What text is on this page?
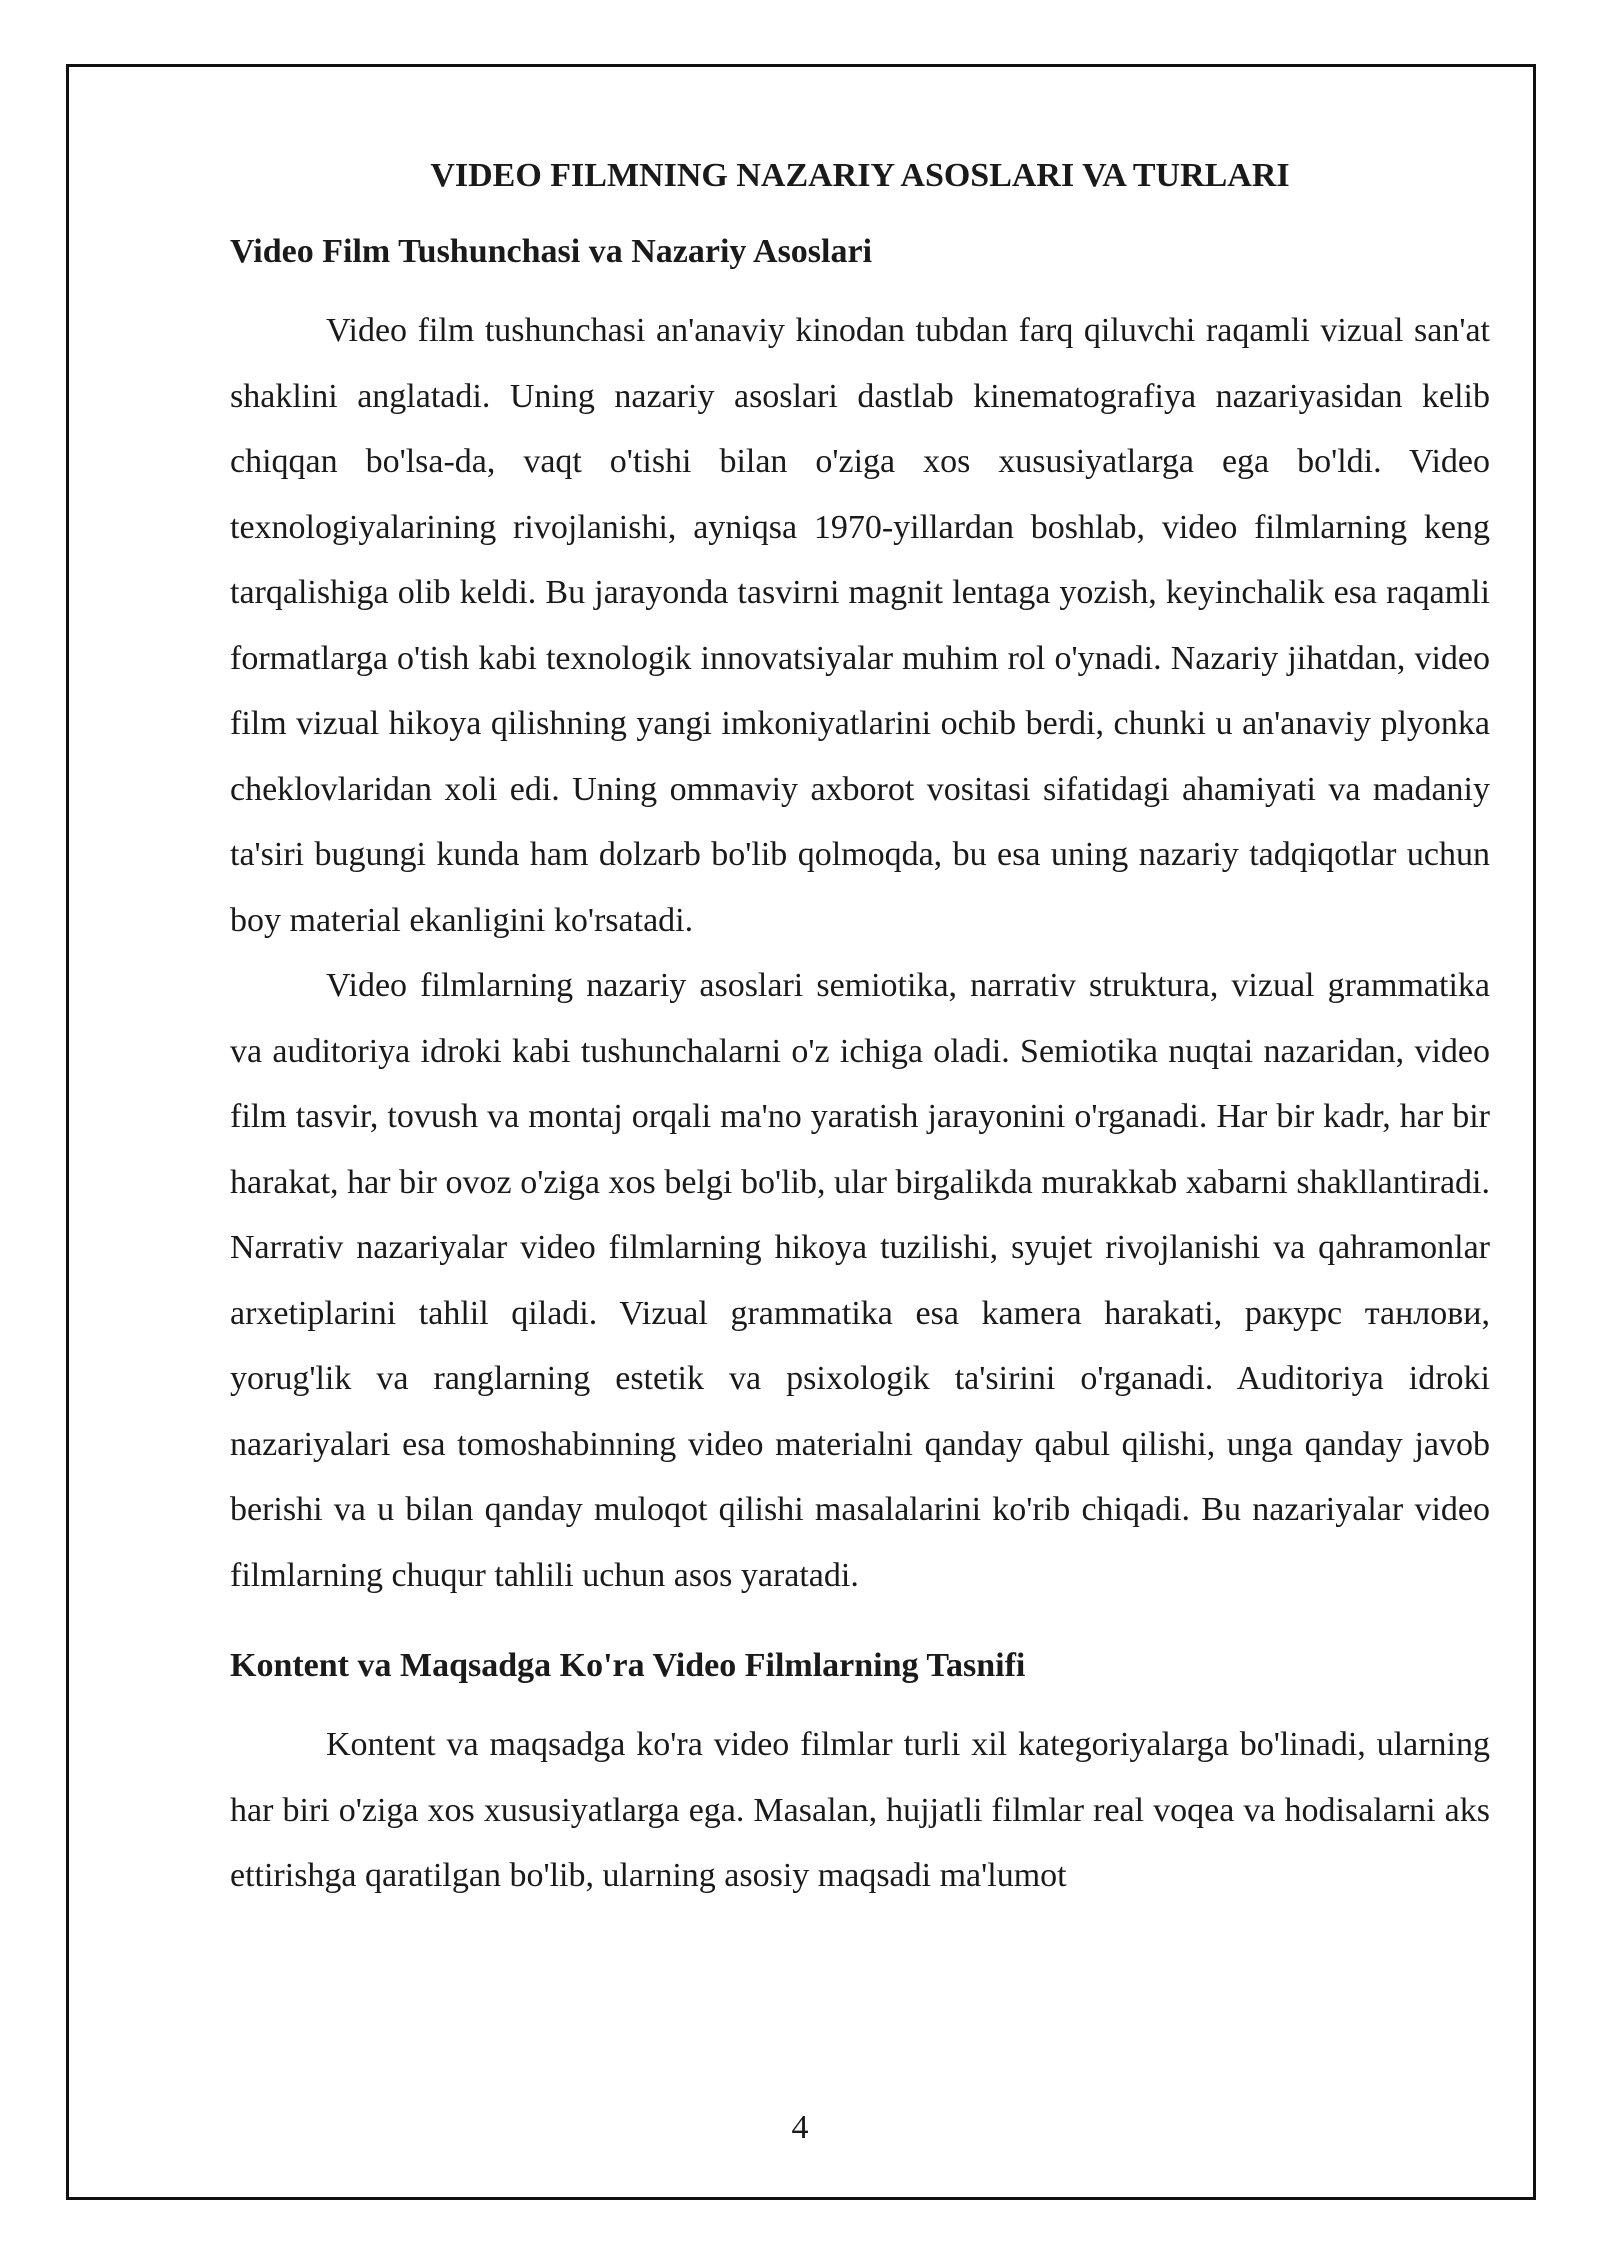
VIDEO FILMNING NAZARIY ASOSLARI VA TURLARI
Video Film Tushunchasi va Nazariy Asoslari

Video film tushunchasi an'anaviy kinodan tubdan farq qiluvchi raqamli vizual san'at shaklini anglatadi. Uning nazariy asoslari dastlab kinematografiya nazariyasidan kelib chiqqan bo'lsa-da, vaqt o'tishi bilan o'ziga xos xususiyatlarga ega bo'ldi. Video texnologiyalarining rivojlanishi, ayniqsa 1970-yillardan boshlab, video filmlarning keng tarqalishiga olib keldi. Bu jarayonda tasvirni magnit lentaga yozish, keyinchalik esa raqamli formatlarga o'tish kabi texnologik innovatsiyalar muhim rol o'ynadi. Nazariy jihatdan, video film vizual hikoya qilishning yangi imkoniyatlarini ochib berdi, chunki u an'anaviy plyonka cheklovlaridan xoli edi. Uning ommaviy axborot vositasi sifatidagi ahamiyati va madaniy ta'siri bugungi kunda ham dolzarb bo'lib qolmoqda, bu esa uning nazariy tadqiqotlar uchun boy material ekanligini ko'rsatadi.

Video filmlarning nazariy asoslari semiotika, narrativ struktura, vizual grammatika va auditoriya idroki kabi tushunchalarni o'z ichiga oladi. Semiotika nuqtai nazaridan, video film tasvir, tovush va montaj orqali ma'no yaratish jarayonini o'rganadi. Har bir kadr, har bir harakat, har bir ovoz o'ziga xos belgi bo'lib, ular birgalikda murakkab xabarni shakllantiradi. Narrativ nazariyalar video filmlarning hikoya tuzilishi, syujet rivojlanishi va qahramonlar arxetiplarini tahlil qiladi. Vizual grammatika esa kamera harakati, ракурс танлови, yorug'lik va ranglarning estetik va psixologik ta'sirini o'rganadi. Auditoriya idroki nazariyalari esa tomoshabinning video materialni qanday qabul qilishi, unga qanday javob berishi va u bilan qanday muloqot qilishi masalalarini ko'rib chiqadi. Bu nazariyalar video filmlarning chuqur tahlili uchun asos yaratadi.

Kontent va Maqsadga Ko'ra Video Filmlarning Tasnifi

Kontent va maqsadga ko'ra video filmlar turli xil kategoriyalarga bo'linadi, ularning har biri o'ziga xos xususiyatlarga ega. Masalan, hujjatli filmlar real voqea va hodisalarni aks ettirishga qaratilgan bo'lib, ularning asosiy maqsadi ma'lumot

4
